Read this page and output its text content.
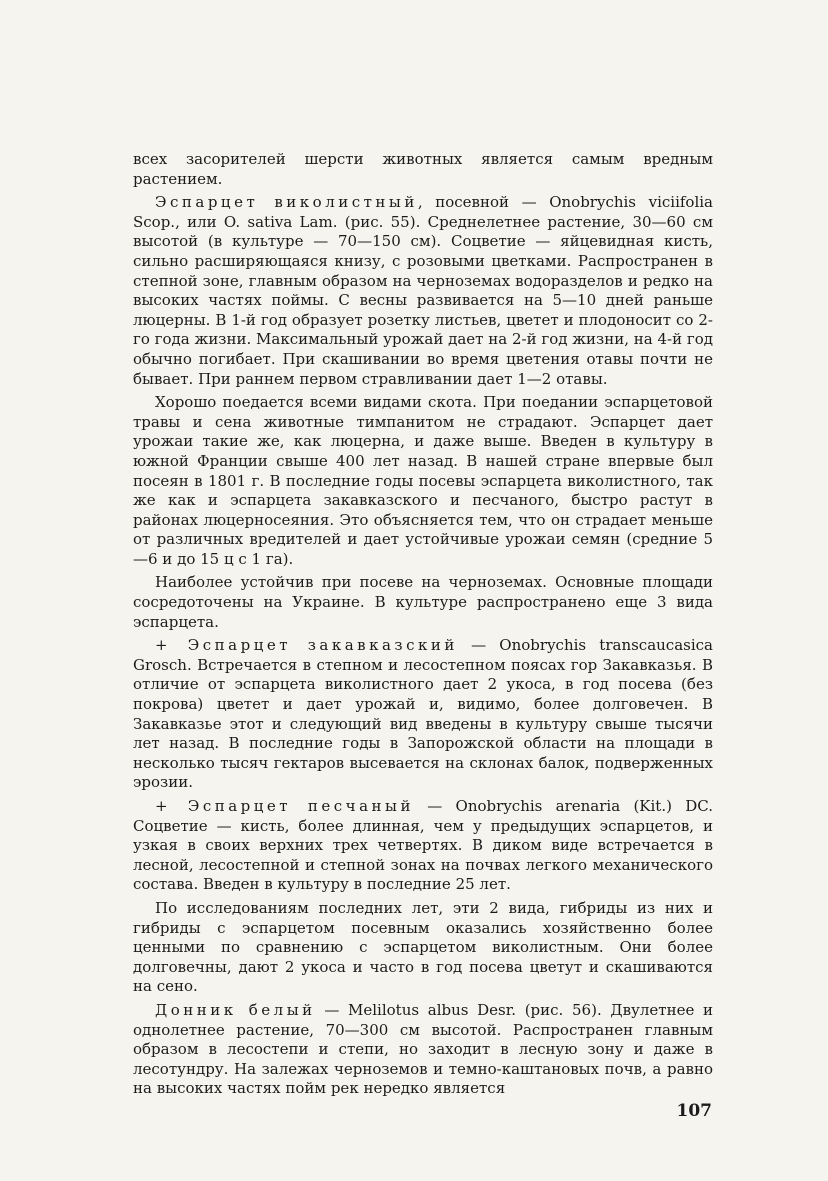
всех засорителей шерсти животных является самым вредным растением.

Эспарцет виколистный, посевной — Onobrychis viciifolia Scop., или O. sativa Lam. (рис. 55). Среднелетнее растение, 30—60 см высотой (в культуре — 70—150 см). Соцветие — яйцевидная кисть, сильно расширяющаяся книзу, с розовыми цветками. Распространен в степной зоне, главным образом на черноземах водоразделов и редко на высоких частях поймы. С весны развивается на 5—10 дней раньше люцерны. В 1-й год образует розетку листьев, цветет и плодоносит со 2-го года жизни. Максимальный урожай дает на 2-й год жизни, на 4-й год обычно погибает. При скашивании во время цветения отавы почти не бывает. При раннем первом стравливании дает 1—2 отавы.

Хорошо поедается всеми видами скота. При поедании эспарцетовой травы и сена животные тимпанитом не страдают. Эспарцет дает урожаи такие же, как люцерна, и даже выше. Введен в культуру в южной Франции свыше 400 лет назад. В нашей стране впервые был посеян в 1801 г. В последние годы посевы эспарцета виколистного, так же как и эспарцета закавказского и песчаного, быстро растут в районах люцерносеяния. Это объясняется тем, что он страдает меньше от различных вредителей и дает устойчивые урожаи семян (средние 5—6 и до 15 ц с 1 га).

Наиболее устойчив при посеве на черноземах. Основные площади сосредоточены на Украине. В культуре распространено еще 3 вида эспарцета.

+ Эспарцет закавказский — Onobrychis transcaucasica Grosch. Встречается в степном и лесостепном поясах гор Закавказья. В отличие от эспарцета виколистного дает 2 укоса, в год посева (без покрова) цветет и дает урожай и, видимо, более долговечен. В Закавказье этот и следующий вид введены в культуру свыше тысячи лет назад. В последние годы в Запорожской области на площади в несколько тысяч гектаров высевается на склонах балок, подверженных эрозии.

+ Эспарцет песчаный — Onobrychis arenaria (Kit.) DC. Соцветие — кисть, более длинная, чем у предыдущих эспарцетов, и узкая в своих верхних трех четвертях. В диком виде встречается в лесной, лесостепной и степной зонах на почвах легкого механического состава. Введен в культуру в последние 25 лет.

По исследованиям последних лет, эти 2 вида, гибриды из них и гибриды с эспарцетом посевным оказались хозяйственно более ценными по сравнению с эспарцетом виколистным. Они более долговечны, дают 2 укоса и часто в год посева цветут и скашиваются на сено.

Донник белый — Melilotus albus Desr. (рис. 56). Двулетнее и однолетнее растение, 70—300 см высотой. Распространен главным образом в лесостепи и степи, но заходит в лесную зону и даже в лесотундру. На залежах черноземов и темно-каштановых почв, а равно на высоких частях пойм рек нередко является

107
